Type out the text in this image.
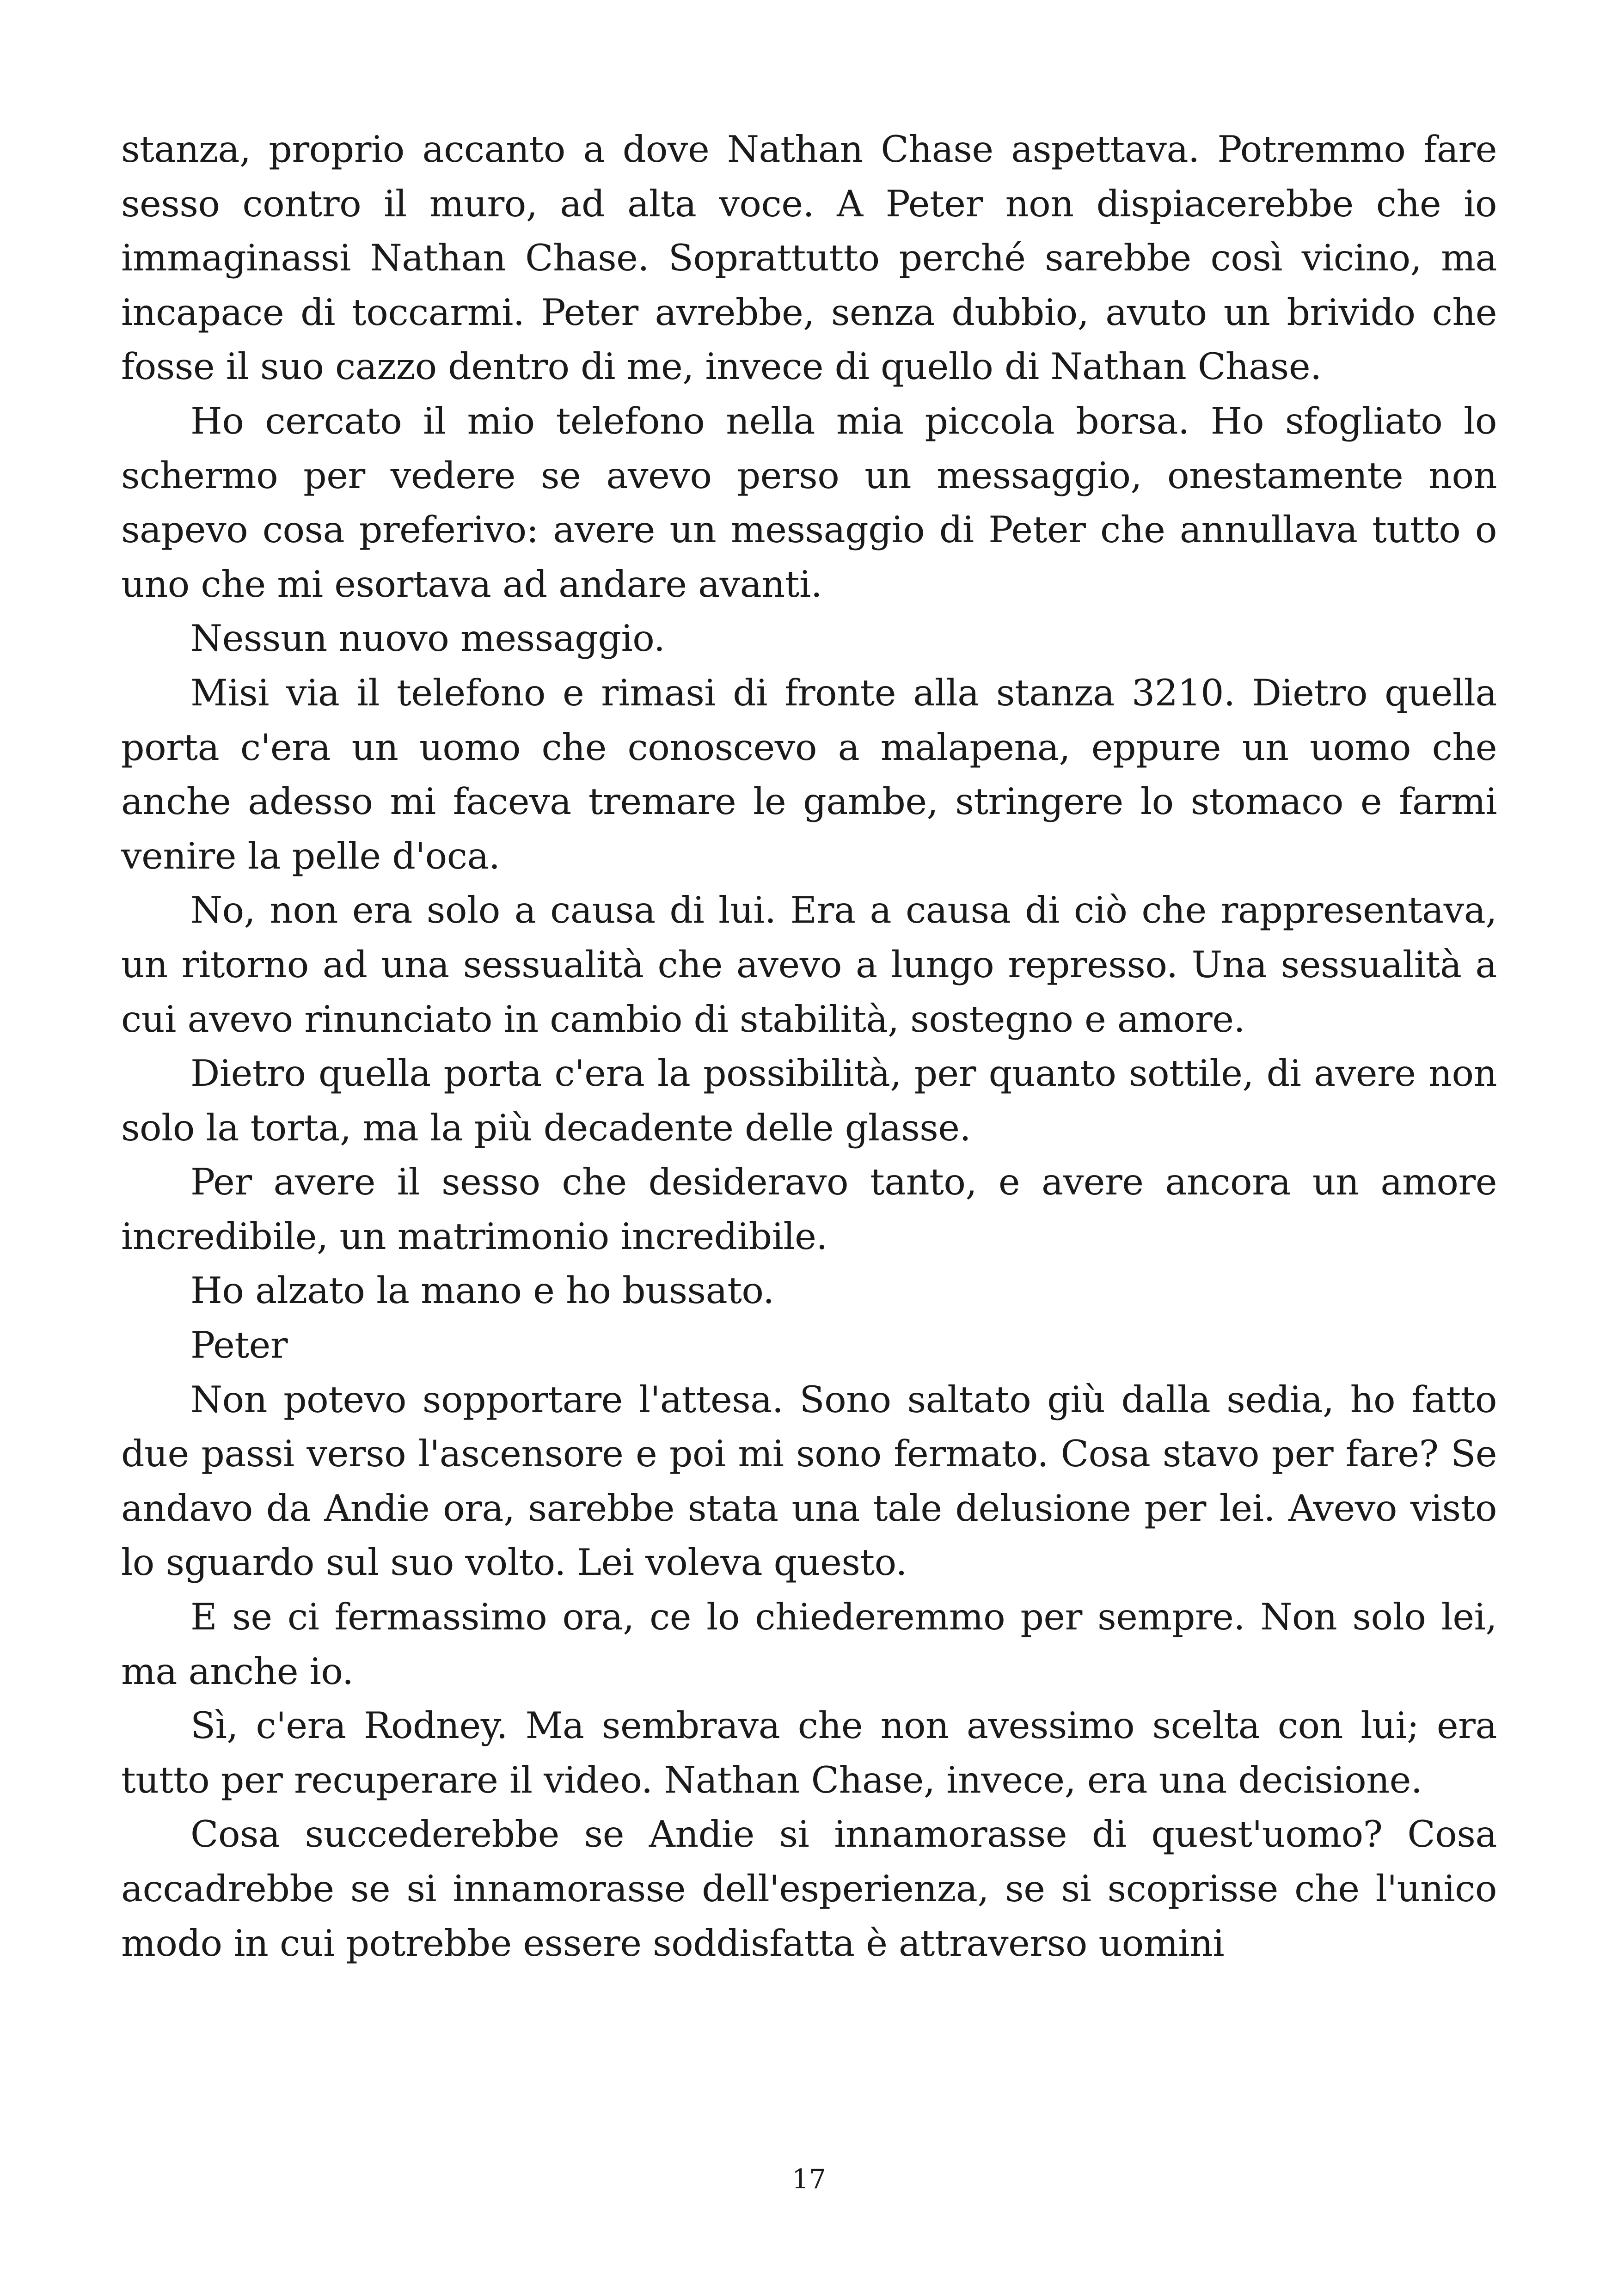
stanza, proprio accanto a dove Nathan Chase aspettava. Potremmo fare sesso contro il muro, ad alta voce. A Peter non dispiacerebbe che io immaginassi Nathan Chase. Soprattutto perché sarebbe così vicino, ma incapace di toccarmi. Peter avrebbe, senza dubbio, avuto un brivido che fosse il suo cazzo dentro di me, invece di quello di Nathan Chase.

Ho cercato il mio telefono nella mia piccola borsa. Ho sfogliato lo schermo per vedere se avevo perso un messaggio, onestamente non sapevo cosa preferivo: avere un messaggio di Peter che annullava tutto o uno che mi esortava ad andare avanti.

Nessun nuovo messaggio.

Misi via il telefono e rimasi di fronte alla stanza 3210. Dietro quella porta c'era un uomo che conoscevo a malapena, eppure un uomo che anche adesso mi faceva tremare le gambe, stringere lo stomaco e farmi venire la pelle d'oca.

No, non era solo a causa di lui. Era a causa di ciò che rappresentava, un ritorno ad una sessualità che avevo a lungo represso. Una sessualità a cui avevo rinunciato in cambio di stabilità, sostegno e amore.

Dietro quella porta c'era la possibilità, per quanto sottile, di avere non solo la torta, ma la più decadente delle glasse.

Per avere il sesso che desideravo tanto, e avere ancora un amore incredibile, un matrimonio incredibile.

Ho alzato la mano e ho bussato.

Peter

Non potevo sopportare l'attesa. Sono saltato giù dalla sedia, ho fatto due passi verso l'ascensore e poi mi sono fermato. Cosa stavo per fare? Se andavo da Andie ora, sarebbe stata una tale delusione per lei. Avevo visto lo sguardo sul suo volto. Lei voleva questo.

E se ci fermassimo ora, ce lo chiederemmo per sempre. Non solo lei, ma anche io.

Sì, c'era Rodney. Ma sembrava che non avessimo scelta con lui; era tutto per recuperare il video. Nathan Chase, invece, era una decisione.

Cosa succederebbe se Andie si innamorasse di quest'uomo? Cosa accadrebbe se si innamorasse dell'esperienza, se si scoprisse che l'unico modo in cui potrebbe essere soddisfatta è attraverso uomini

17
